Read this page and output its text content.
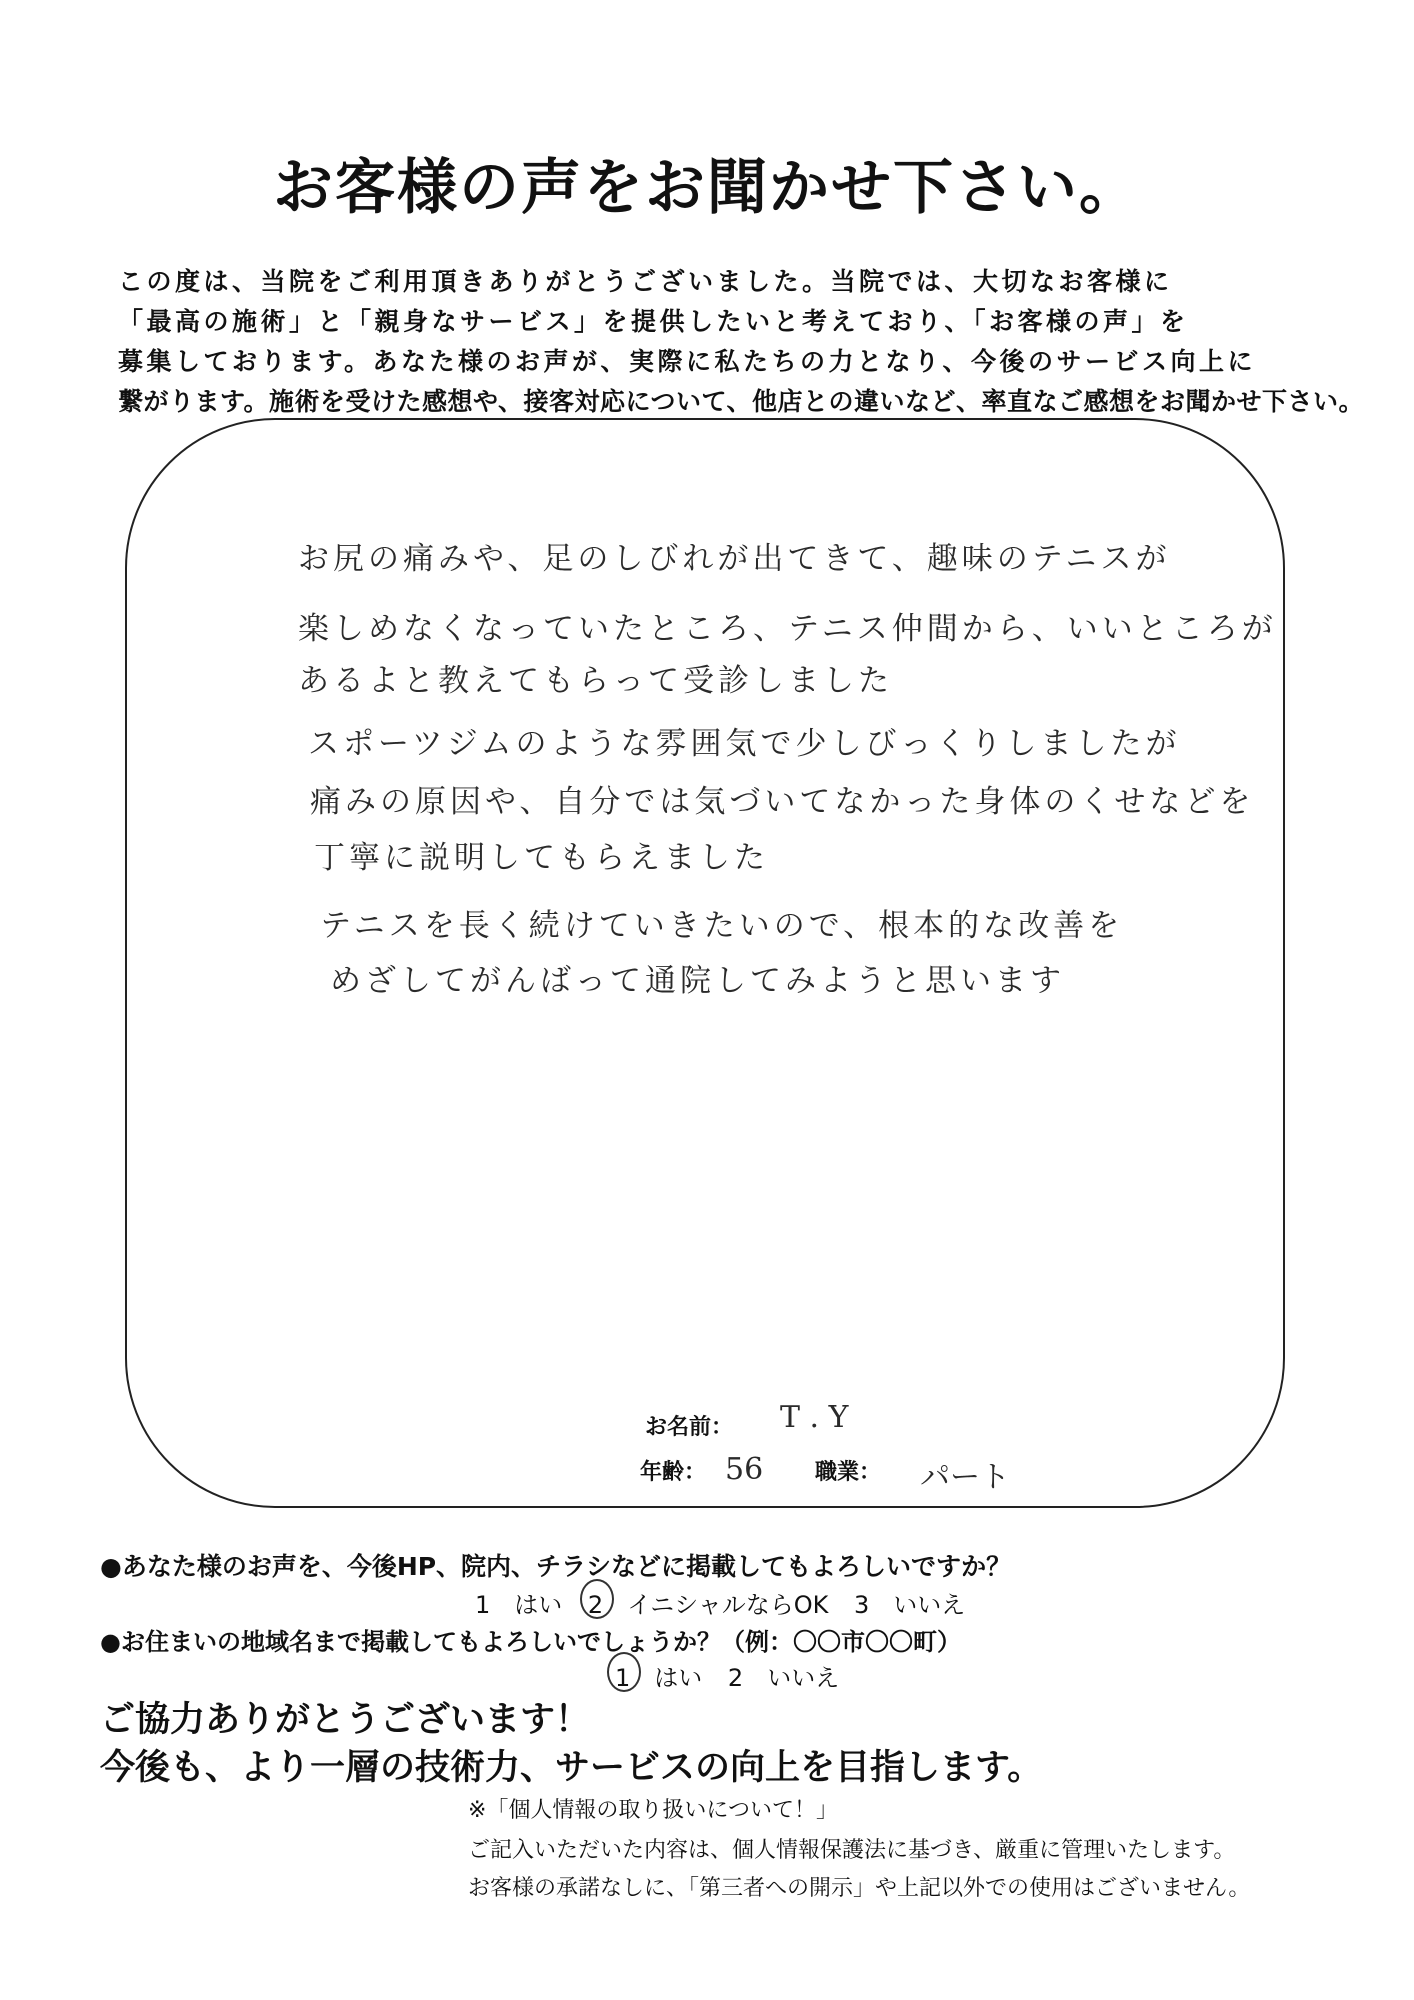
お客様の声をお聞かせ下さい。
この度は、当院をご利用頂きありがとうございました。当院では、大切なお客様に
「最高の施術」と「親身なサービス」を提供したいと考えており、「お客様の声」を
募集しております。あなた様のお声が、実際に私たちの力となり、今後のサービス向上に
繋がります。施術を受けた感想や、接客対応について、他店との違いなど、率直なご感想をお聞かせ下さい。
お尻の痛みや、足のしびれが出てきて、趣味のテニスが
楽しめなくなっていたところ、テニス仲間から、いいところが
あるよと教えてもらって受診しました
スポーツジムのような雰囲気で少しびっくりしましたが
痛みの原因や、自分では気づいてなかった身体のくせなどを
丁寧に説明してもらえました
テニスを長く続けていきたいので、根本的な改善を
めざしてがんばって通院してみようと思います
お名前： T . Y
年齢： 56 職業： パート
●あなた様のお声を、今後HP、院内、チラシなどに掲載してもよろしいですか？
1　はい 2　イニシャルならOK 3　いいえ
●お住まいの地域名まで掲載してもよろしいでしょうか？（例：〇〇市〇〇町）
1　はい 2　いいえ
ご協力ありがとうございます！
今後も、より一層の技術力、サービスの向上を目指します。
※「個人情報の取り扱いについて！」
ご記入いただいた内容は、個人情報保護法に基づき、厳重に管理いたします。
お客様の承諾なしに、「第三者への開示」や上記以外での使用はございません。
